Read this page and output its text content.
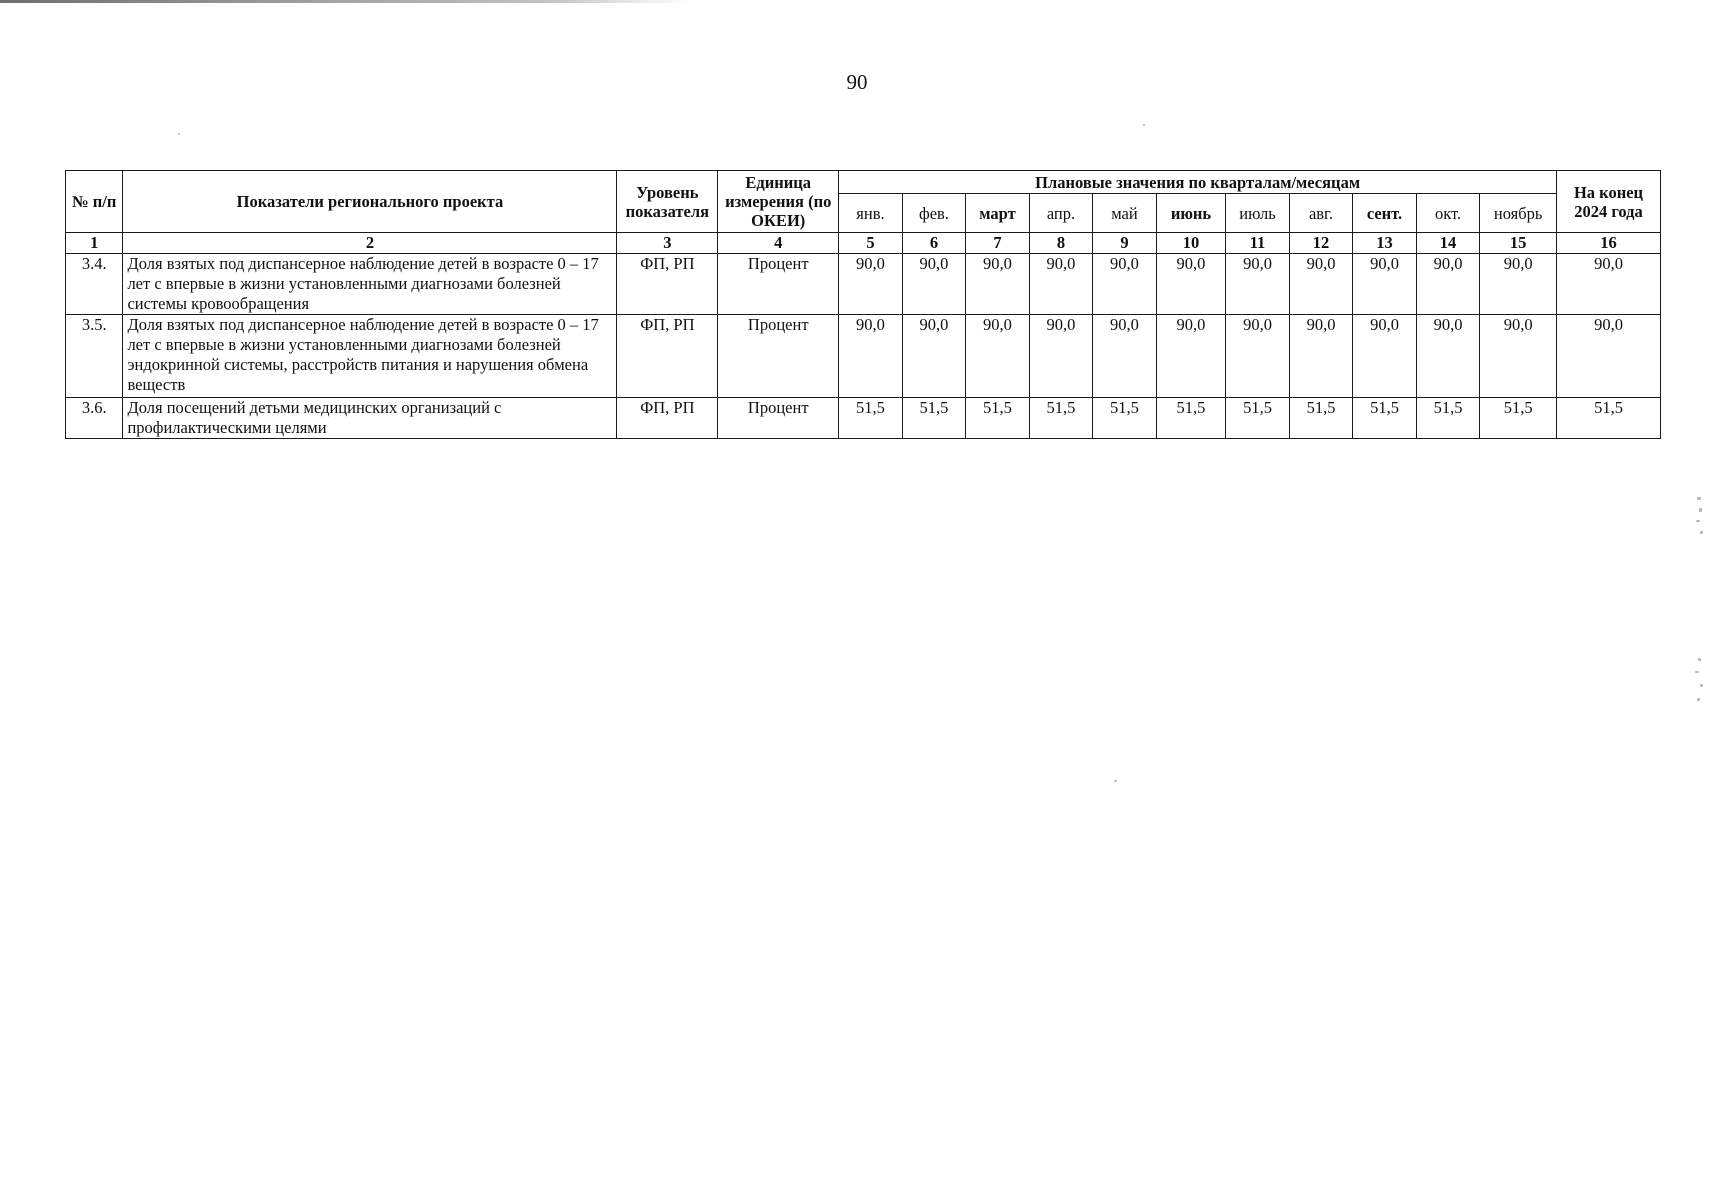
90
№ п/п	Показатели регионального проекта	Уровень показателя	Единица измерения (по ОКЕИ)	Плановые значения по кварталам/месяцам											На конец 2024 года
				янв.	фев.	март	апр.	май	июнь	июль	авг.	сент.	окт.	ноябрь	
1	2	3	4	5	6	7	8	9	10	11	12	13	14	15	16
3.4.	Доля взятых под диспансерное наблюдение детей в возрасте 0 – 17 лет с впервые в жизни установленными диагнозами болезней системы кровообращения	ФП, РП	Процент	90,0	90,0	90,0	90,0	90,0	90,0	90,0	90,0	90,0	90,0	90,0	90,0
3.5.	Доля взятых под диспансерное наблюдение детей в возрасте 0 – 17 лет с впервые в жизни установленными диагнозами болезней эндокринной системы, расстройств питания и нарушения обмена веществ	ФП, РП	Процент	90,0	90,0	90,0	90,0	90,0	90,0	90,0	90,0	90,0	90,0	90,0	90,0
3.6.	Доля посещений детьми медицинских организаций с профилактическими целями	ФП, РП	Процент	51,5	51,5	51,5	51,5	51,5	51,5	51,5	51,5	51,5	51,5	51,5	51,5
